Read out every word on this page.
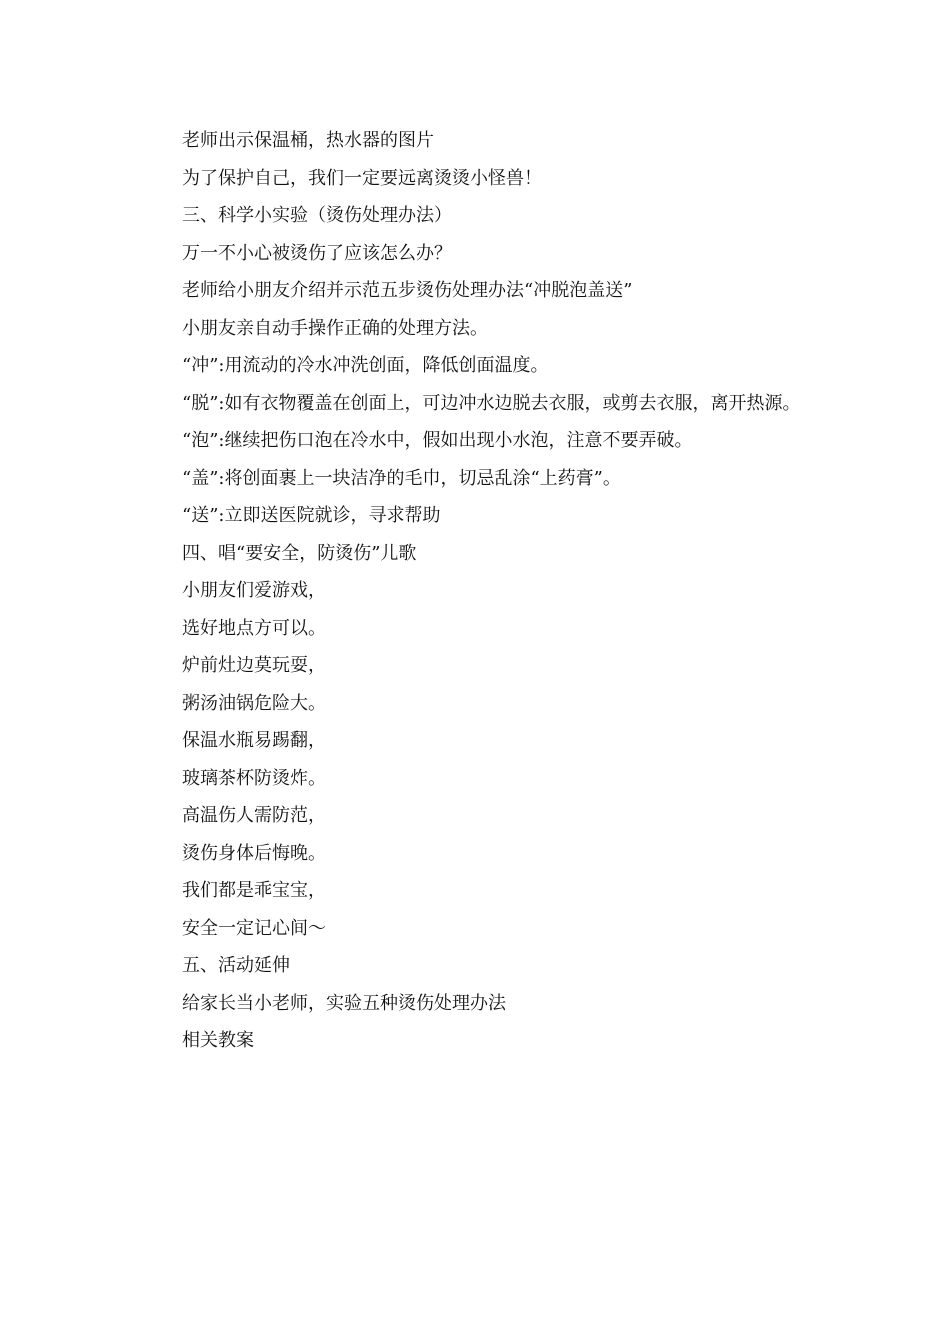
老师出示保温桶，热水器的图片

为了保护自己，我们一定要远离烫烫小怪兽！

三、科学小实验（烫伤处理办法）

万一不小心被烫伤了应该怎么办？

老师给小朋友介绍并示范五步烫伤处理办法“冲脱泡盖送”

小朋友亲自动手操作正确的处理方法。

“冲”:用流动的冷水冲洗创面，降低创面温度。

“脱”:如有衣物覆盖在创面上，可边冲水边脱去衣服，或剪去衣服，离开热源。

“泡”:继续把伤口泡在冷水中，假如出现小水泡，注意不要弄破。

“盖”:将创面裹上一块洁净的毛巾，切忌乱涂“上药膏”。

“送”:立即送医院就诊，寻求帮助

四、唱“要安全，防烫伤”儿歌

小朋友们爱游戏，

选好地点方可以。

炉前灶边莫玩耍，

粥汤油锅危险大。

保温水瓶易踢翻，

玻璃茶杯防烫炸。

高温伤人需防范，

烫伤身体后悔晚。

我们都是乖宝宝，

安全一定记心间～

五、活动延伸

给家长当小老师，实验五种烫伤处理办法

相关教案
